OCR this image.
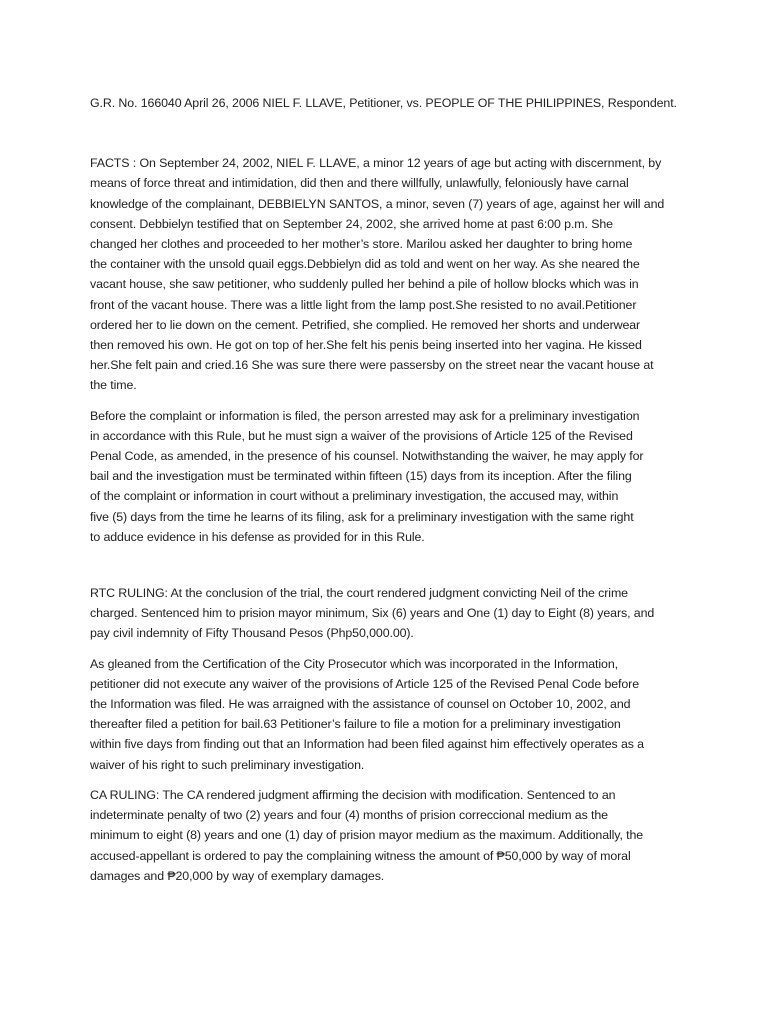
G.R. No. 166040 April 26, 2006 NIEL F. LLAVE, Petitioner, vs. PEOPLE OF THE PHILIPPINES, Respondent.

FACTS : On September 24, 2002, NIEL F. LLAVE, a minor 12 years of age but acting with discernment, by

means of force threat and intimidation, did then and there willfully, unlawfully, feloniously have carnal

knowledge of the complainant, DEBBIELYN SANTOS, a minor, seven (7) years of age, against her will and

consent. Debbielyn testified that on September 24, 2002, she arrived home at past 6:00 p.m. She

changed her clothes and proceeded to her mother’s store. Marilou asked her daughter to bring home

the container with the unsold quail eggs.Debbielyn did as told and went on her way. As she neared the

vacant house, she saw petitioner, who suddenly pulled her behind a pile of hollow blocks which was in

front of the vacant house. There was a little light from the lamp post.She resisted to no avail.Petitioner

ordered her to lie down on the cement. Petrified, she complied. He removed her shorts and underwear

then removed his own. He got on top of her.She felt his penis being inserted into her vagina. He kissed

her.She felt pain and cried.16 She was sure there were passersby on the street near the vacant house at

the time.

Before the complaint or information is filed, the person arrested may ask for a preliminary investigation

in accordance with this Rule, but he must sign a waiver of the provisions of Article 125 of the Revised

Penal Code, as amended, in the presence of his counsel. Notwithstanding the waiver, he may apply for

bail and the investigation must be terminated within fifteen (15) days from its inception. After the filing

of the complaint or information in court without a preliminary investigation, the accused may, within

five (5) days from the time he learns of its filing, ask for a preliminary investigation with the same right

to adduce evidence in his defense as provided for in this Rule.

RTC RULING: At the conclusion of the trial, the court rendered judgment convicting Neil of the crime

charged. Sentenced him to prision mayor minimum, Six (6) years and One (1) day to Eight (8) years, and

pay civil indemnity of Fifty Thousand Pesos (Php50,000.00).

As gleaned from the Certification of the City Prosecutor which was incorporated in the Information,

petitioner did not execute any waiver of the provisions of Article 125 of the Revised Penal Code before

the Information was filed. He was arraigned with the assistance of counsel on October 10, 2002, and

thereafter filed a petition for bail.63 Petitioner’s failure to file a motion for a preliminary investigation

within five days from finding out that an Information had been filed against him effectively operates as a

waiver of his right to such preliminary investigation.

CA RULING: The CA rendered judgment affirming the decision with modification. Sentenced to an

indeterminate penalty of two (2) years and four (4) months of prision correccional medium as the

minimum to eight (8) years and one (1) day of prision mayor medium as the maximum. Additionally, the

accused-appellant is ordered to pay the complaining witness the amount of ₱50,000 by way of moral

damages and ₱20,000 by way of exemplary damages.
